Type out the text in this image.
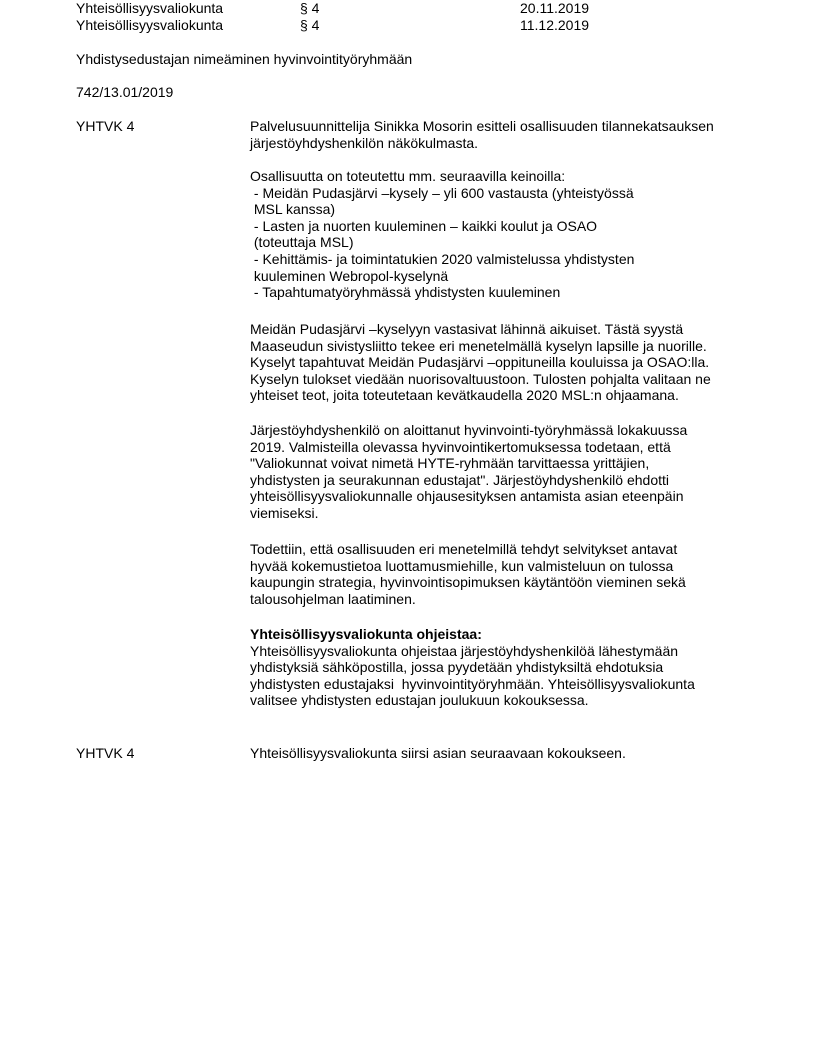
Yhteisöllisyysvaliokunta	§ 4	20.11.2019
Yhteisöllisyysvaliokunta	§ 4	11.12.2019
Yhdistysedustajan nimeäminen hyvinvointityöryhmään
742/13.01/2019
YHTVK 4	Palvelusuunnittelija Sinikka Mosorin esitteli osallisuuden tilannekatsauksen
järjestöyhdyshenkilön näkökulmasta.
Osallisuutta on toteutettu mm. seuraavilla keinoilla:
- Meidän Pudasjärvi –kysely – yli 600 vastausta (yhteistyössä
MSL kanssa)
- Lasten ja nuorten kuuleminen – kaikki koulut ja OSAO
(toteuttaja MSL)
- Kehittämis- ja toimintatukien 2020 valmistelussa yhdistysten
kuuleminen Webropol-kyselynä
- Tapahtumatyöryhmässä yhdistysten kuuleminen
Meidän Pudasjärvi –kyselyyn vastasivat lähinnä aikuiset. Tästä syystä
Maaseudun sivistysliitto tekee eri menetelmällä kyselyn lapsille ja nuorille.
Kyselyt tapahtuvat Meidän Pudasjärvi –oppituneilla kouluissa ja OSAO:lla.
Kyselyn tulokset viedään nuorisovaltuustoon. Tulosten pohjalta valitaan ne
yhteiset teot, joita toteutetaan kevätkaudella 2020 MSL:n ohjaamana.
Järjestöyhdyshenkilö on aloittanut hyvinvointi-työryhmässä lokakuussa
2019. Valmisteilla olevassa hyvinvointikertomuksessa todetaan, että
"Valiokunnat voivat nimetä HYTE-ryhmään tarvittaessa yrittäjien,
yhdistysten ja seurakunnan edustajat". Järjestöyhdyshenkilö ehdotti
yhteisöllisyysvaliokunnalle ohjausesityksen antamista asian eteenpäin
viemiseksi.
Todettiin, että osallisuuden eri menetelmillä tehdyt selvitykset antavat
hyvää kokemustietoa luottamusmiehille, kun valmisteluun on tulossa
kaupungin strategia, hyvinvointisopimuksen käytäntöön vieminen sekä
talousohjelman laatiminen.
Yhteisöllisyysvaliokunta ohjeistaa:
Yhteisöllisyysvaliokunta ohjeistaa järjestöyhdyshenkilöä lähestymään
yhdistyksiä sähköpostilla, jossa pyydetään yhdistyksiltä ehdotuksia
yhdistysten edustajaksi  hyvinvointityöryhmään. Yhteisöllisyysvaliokunta
valitsee yhdistysten edustajan joulukuun kokouksessa.
YHTVK 4	Yhteisöllisyysvaliokunta siirsi asian seuraavaan kokoukseen.
